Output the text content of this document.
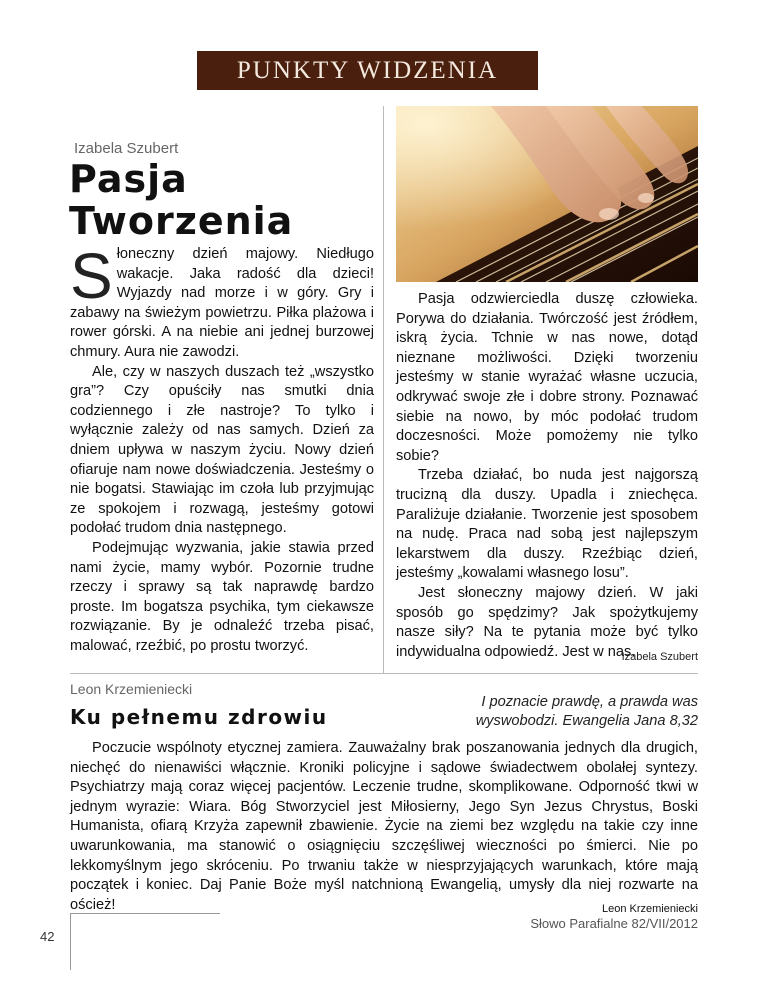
PUNKTY WIDZENIA
Izabela Szubert
Pasja
Tworzenia

Słoneczny dzień majowy. Niedługo wakacje. Jaka radość dla dzieci! Wyjazdy nad morze i w góry. Gry i zabawy na świeżym powietrzu. Piłka plażowa i rower górski. A na niebie ani jednej burzowej chmury. Aura nie zawodzi.

Ale, czy w naszych duszach też „wszystko gra”? Czy opuściły nas smutki dnia codziennego i złe nastroje? To tylko i wyłącznie zależy od nas samych. Dzień za dniem upływa w naszym życiu. Nowy dzień ofiaruje nam nowe doświadczenia. Jesteśmy o nie bogatsi. Stawiając im czoła lub przyjmując ze spokojem i rozwagą, jesteśmy gotowi podołać trudom dnia następnego.

Podejmując wyzwania, jakie stawia przed nami życie, mamy wybór. Pozornie trudne rzeczy i sprawy są tak naprawdę bardzo proste. Im bogatsza psychika, tym ciekawsze rozwiązanie. By je odnaleźć trzeba pisać, malować, rzeźbić, po prostu tworzyć.

Pasja odzwierciedla duszę człowieka. Porywa do działania. Twórczość jest źródłem, iskrą życia. Tchnie w nas nowe, dotąd nieznane możliwości. Dzięki tworzeniu jesteśmy w stanie wyrażać własne uczucia, odkrywać swoje złe i dobre strony. Poznawać siebie na nowo, by móc podołać trudom doczesności. Może pomożemy nie tylko sobie?

Trzeba działać, bo nuda jest najgorszą trucizną dla duszy. Upadla i zniechęca. Paraliżuje działanie. Tworzenie jest sposobem na nudę. Praca nad sobą jest najlepszym lekarstwem dla duszy. Rzeźbiąc dzień, jesteśmy „kowalami własnego losu”.

Jest słoneczny majowy dzień. W jaki sposób go spędzimy? Jak spożytkujemy nasze siły? Na te pytania może być tylko indywidualna odpowiedź. Jest w nas.

Izabela Szubert
Leon Krzemieniecki
Ku pełnemu zdrowiu
I poznacie prawdę, a prawda was
wyswobodzi. Ewangelia Jana 8,32

Poczucie wspólnoty etycznej zamiera. Zauważalny brak poszanowania jednych dla drugich, niechęć do nienawiści włącznie. Kroniki policyjne i sądowe świadectwem obolałej syntezy. Psychiatrzy mają coraz więcej pacjentów. Leczenie trudne, skomplikowane. Odporność tkwi w jednym wyrazie: Wiara. Bóg Stworzyciel jest Miłosierny, Jego Syn Jezus Chrystus, Boski Humanista, ofiarą Krzyża zapewnił zbawienie. Życie na ziemi bez względu na takie czy inne uwarunkowania, ma stanowić o osiągnięciu szczęśliwej wieczności po śmierci. Nie po lekkomyślnym jego skróceniu. Po trwaniu także w niesprzyjających warunkach, które mają początek i koniec. Daj Panie Boże myśl natchnioną Ewangelią, umysły dla niej rozwarte na oścież!	Leon Krzemieniecki

42
Słowo Parafialne 82/VII/2012
